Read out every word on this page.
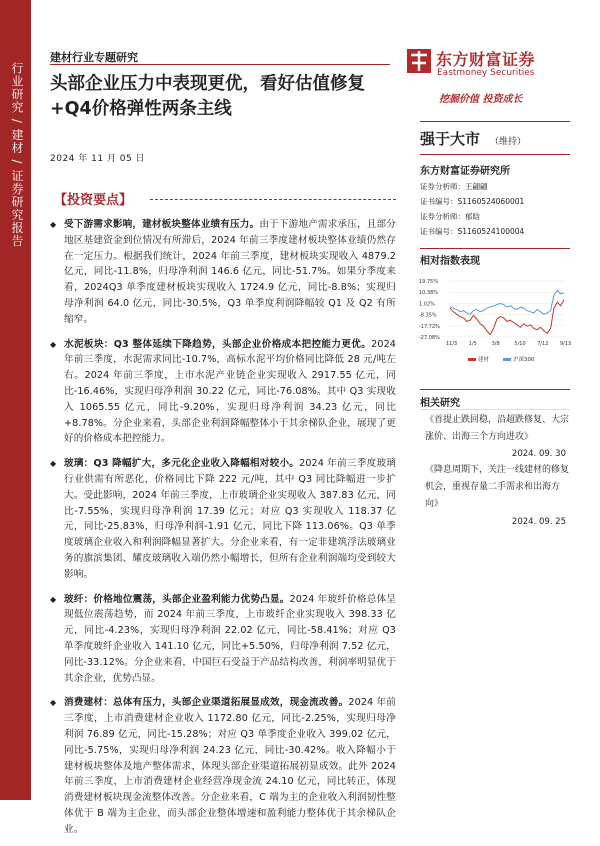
行业研究 / 建材 / 证券研究报告
建材行业专题研究
头部企业压力中表现更优，看好估值修复+Q4价格弹性两条主线
2024 年 11 月 05 日
东方财富证券
Eastmoney Securities
挖掘价值 投资成长
【投资要点】
◆ 受下游需求影响，建材板块整体业绩有压力。由于下游地产需求承压，且部分地区基建资金到位情况有所滞后，2024 年前三季度建材板块整体业绩仍然存在一定压力。根据我们统计，2024 年前三季度，建材板块实现收入 4879.2 亿元，同比-11.8%，归母净利润 146.6 亿元，同比-51.7%。如果分季度来看，2024Q3 单季度建材板块实现收入 1724.9 亿元，同比-8.8%；实现归母净利润 64.0 亿元，同比-30.5%，Q3 单季度利润降幅较 Q1 及 Q2 有所缩窄。
◆ 水泥板块：Q3 整体延续下降趋势，头部企业价格成本把控能力更优。2024 年前三季度，水泥需求同比-10.7%，高标水泥平均价格同比降低 28 元/吨左右。2024 年前三季度，上市水泥产业链企业实现收入 2917.55 亿元，同比-16.46%，实现归母净利润 30.22 亿元，同比-76.08%。其中 Q3 实现收入 1065.55 亿元，同比-9.20%，实现归母净利润 34.23 亿元，同比+8.78%。分企业来看，头部企业利润降幅整体小于其余梯队企业，展现了更好的价格成本把控能力。
◆ 玻璃：Q3 降幅扩大，多元化企业收入降幅相对较小。2024 年前三季度玻璃行业供需有所恶化，价格同比下降 222 元/吨，其中 Q3 同比降幅进一步扩大。受此影响，2024 年前三季度，上市玻璃企业实现收入 387.83 亿元，同比-7.55%，实现归母净利润 17.39 亿元；对应 Q3 实现收入 118.37 亿元，同比-25.83%，归母净利润-1.91 亿元，同比下降 113.06%。Q3 单季度玻璃企业收入和利润降幅显著扩大。分企业来看，有一定非建筑浮法玻璃业务的旗滨集团、耀皮玻璃收入端仍然小幅增长，但所有企业利润端均受到较大影响。
◆ 玻纤：价格地位震荡，头部企业盈利能力优势凸显。2024 年玻纤价格总体呈现低位震荡趋势，而 2024 年前三季度，上市玻纤企业实现收入 398.33 亿元，同比-4.23%，实现归母净利润 22.02 亿元，同比-58.41%；对应 Q3 单季度玻纤企业收入 141.10 亿元，同比+5.50%，归母净利润 7.52 亿元，同比-33.12%。分企业来看，中国巨石受益于产品结构改善，利润率明显优于其余企业，优势凸显。
◆ 消费建材：总体有压力，头部企业渠道拓展显成效，现金流改善。2024 年前三季度，上市消费建材企业收入 1172.80 亿元，同比-2.25%，实现归母净利润 76.89 亿元，同比-15.28%；对应 Q3 单季度企业收入 399.02 亿元，同比-5.75%，实现归母净利润 24.23 亿元，同比-30.42%。收入降幅小于建材板块整体及地产整体需求，体现头部企业渠道拓展初显成效。此外 2024 年前三季度，上市消费建材企业经营净现金流 24.10 亿元，同比转正，体现消费建材板块现金流整体改善。分企业来看，C 端为主的企业收入利润韧性整体优于 B 端为主企业，而头部企业整体增速和盈利能力整体优于其余梯队企业。
强于大市 （维持）
东方财富证券研究所
证券分析师：王翩翩
证书编号：S1160524060001
证券分析师：郁晗
证书编号：S1160524100004
相对指数表现
19.75%
10.38%
1.02%
-8.35%
-17.72%
-27.08%
11/3 1/5	3/8	5/10 7/12 9/13
建材	沪深300
相关研究
《首提止跌回稳，沿超跌修复、大宗涨价、出海三个方向进攻》
2024. 09. 30
《降息周期下，关注一线建材的修复机会，重视存量二手需求和出海方向》
2024. 09. 25
